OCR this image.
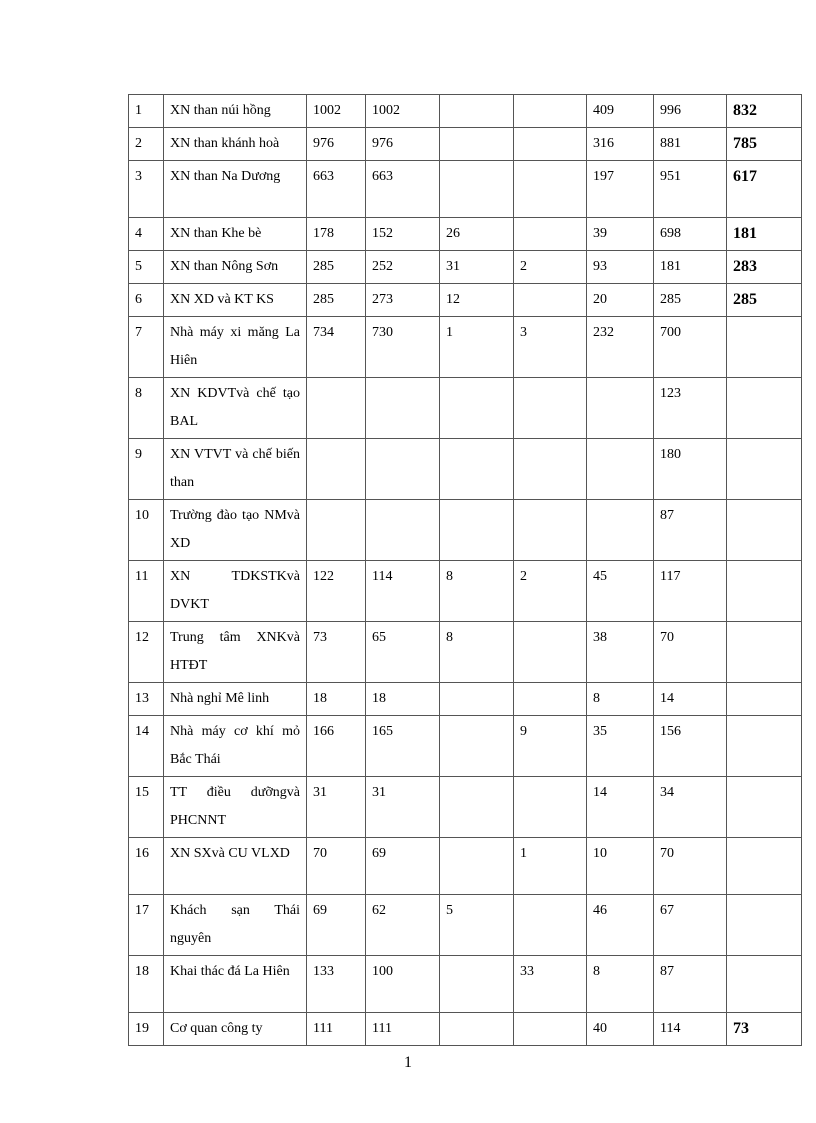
1	XN than núi hồng	1002	1002			409	996	832
2	XN than khánh hoà	976	976			316	881	785
3	XN than Na Dương	663	663			197	951	617
4	XN than Khe bè	178	152	26		39	698	181
5	XN than Nông Sơn	285	252	31	2	93	181	283
6	XN XD và KT KS	285	273	12		20	285	285
7	Nhà máy xi măng La Hiên	734	730	1	3	232	700	
8	XN KDVTvà chế tạo BAL						123	
9	XN VTVT và chế biến than						180	
10	Trường đào tạo NMvà XD						87	
11	XN TDKSTKvà DVKT	122	114	8	2	45	117	
12	Trung tâm XNKvà HTĐT	73	65	8		38	70	
13	Nhà nghỉ Mê linh	18	18			8	14	
14	Nhà máy cơ khí mỏ Bắc Thái	166	165		9	35	156	
15	TT điều dưỡngvà PHCNNT	31	31			14	34	
16	XN SXvà CU VLXD	70	69		1	10	70	
17	Khách sạn Thái nguyên	69	62	5		46	67	
18	Khai thác đá La Hiên	133	100		33	8	87	
19	Cơ quan công ty	111	111			40	114	73
1
